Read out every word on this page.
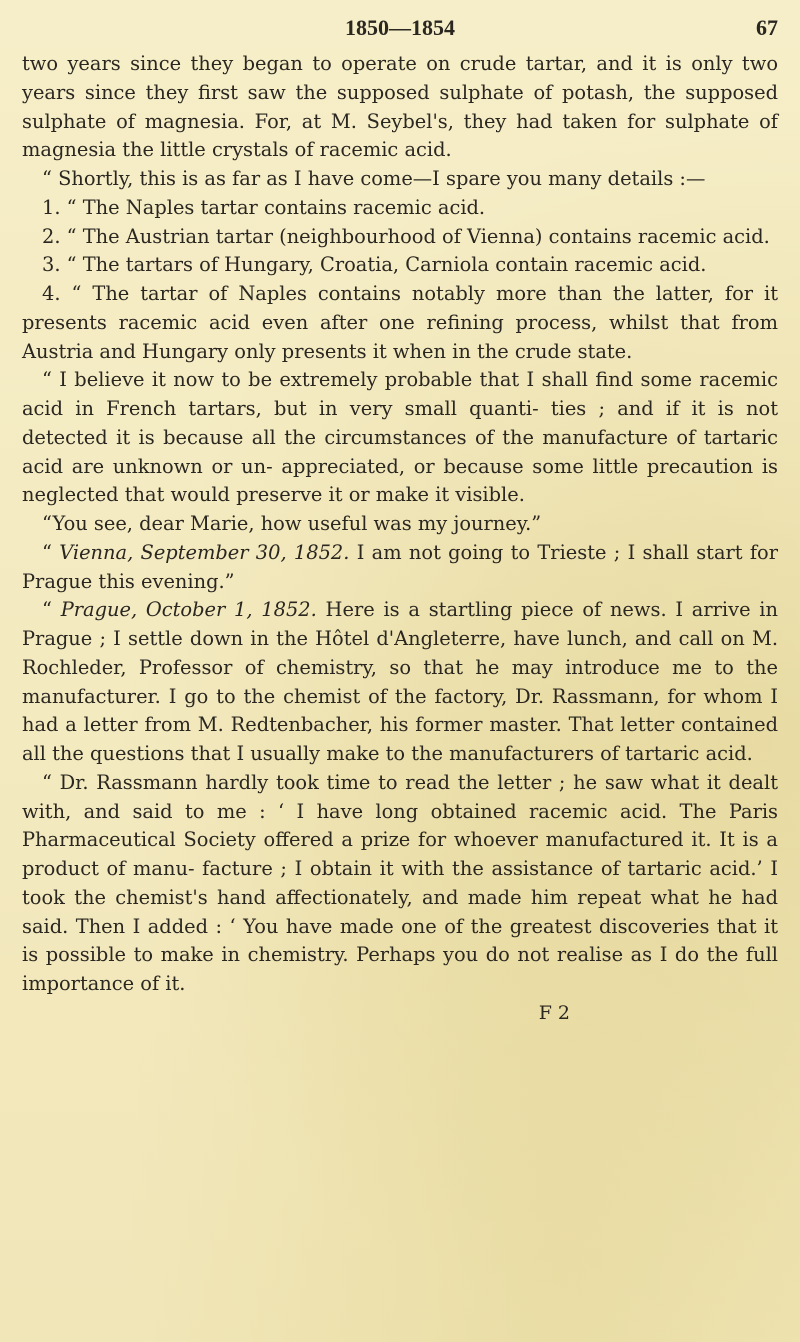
1850—1854	67

two years since they began to operate on crude tartar, and it is only two years since they first saw the supposed sulphate of potash, the supposed sulphate of magnesia. For, at M. Seybel's, they had taken for sulphate of magnesia the little crystals of racemic acid.

“ Shortly, this is as far as I have come—I spare you many details :—

1. “ The Naples tartar contains racemic acid.

2. “ The Austrian tartar (neighbourhood of Vienna) contains racemic acid.

3. “ The tartars of Hungary, Croatia, Carniola contain racemic acid.

4. “ The tartar of Naples contains notably more than the latter, for it presents racemic acid even after one refining process, whilst that from Austria and Hungary only presents it when in the crude state.

“ I believe it now to be extremely probable that I shall find some racemic acid in French tartars, but in very small quanti- ties ; and if it is not detected it is because all the circumstances of the manufacture of tartaric acid are unknown or un- appreciated, or because some little precaution is neglected that would preserve it or make it visible.

“You see, dear Marie, how useful was my journey.”

“ Vienna, September 30, 1852. I am not going to Trieste ; I shall start for Prague this evening.”

“ Prague, October 1, 1852. Here is a startling piece of news. I arrive in Prague ; I settle down in the Hôtel d'Angleterre, have lunch, and call on M. Rochleder, Professor of chemistry, so that he may introduce me to the manufacturer. I go to the chemist of the factory, Dr. Rassmann, for whom I had a letter from M. Redtenbacher, his former master. That letter contained all the questions that I usually make to the manufacturers of tartaric acid.

“ Dr. Rassmann hardly took time to read the letter ; he saw what it dealt with, and said to me : ‘ I have long obtained racemic acid. The Paris Pharmaceutical Society offered a prize for whoever manufactured it. It is a product of manu- facture ; I obtain it with the assistance of tartaric acid.’ I took the chemist's hand affectionately, and made him repeat what he had said. Then I added : ‘ You have made one of the greatest discoveries that it is possible to make in chemistry. Perhaps you do not realise as I do the full importance of it.

F 2
